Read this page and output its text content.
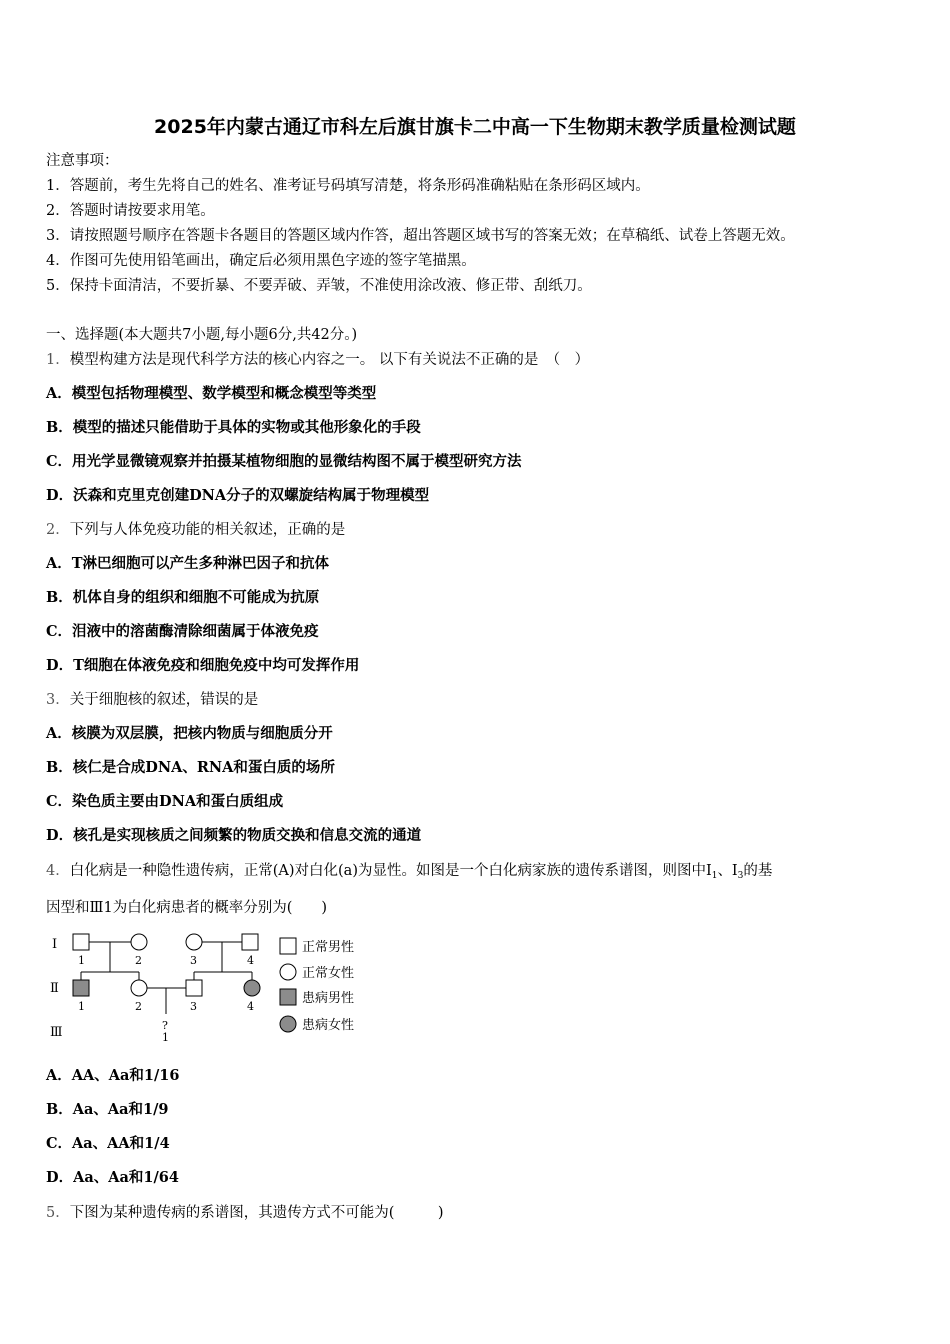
2025年内蒙古通辽市科左后旗甘旗卡二中高一下生物期末教学质量检测试题
注意事项：
1．答题前，考生先将自己的姓名、准考证号码填写清楚，将条形码准确粘贴在条形码区域内。
2．答题时请按要求用笔。
3．请按照题号顺序在答题卡各题目的答题区域内作答，超出答题区域书写的答案无效；在草稿纸、试卷上答题无效。
4．作图可先使用铅笔画出，确定后必须用黑色字迹的签字笔描黑。
5．保持卡面清洁，不要折暴、不要弄破、弄皱，不准使用涂改液、修正带、刮纸刀。
一、选择题(本大题共7小题,每小题6分,共42分。)
1．模型构建方法是现代科学方法的核心内容之一。 以下有关说法不正确的是　（　）
A．模型包括物理模型、数学模型和概念模型等类型
B．模型的描述只能借助于具体的实物或其他形象化的手段
C．用光学显微镜观察并拍摄某植物细胞的显微结构图不属于模型研究方法
D．沃森和克里克创建DNA分子的双螺旋结构属于物理模型
2．下列与人体免疫功能的相关叙述，正确的是
A．T淋巴细胞可以产生多种淋巴因子和抗体
B．机体自身的组织和细胞不可能成为抗原
C．泪液中的溶菌酶清除细菌属于体液免疫
D．T细胞在体液免疫和细胞免疫中均可发挥作用
3．关于细胞核的叙述，错误的是
A．核膜为双层膜，把核内物质与细胞质分开
B．核仁是合成DNA、RNA和蛋白质的场所
C．染色质主要由DNA和蛋白质组成
D．核孔是实现核质之间频繁的物质交换和信息交流的通道
4．白化病是一种隐性遗传病，正常(A)对白化(a)为显性。如图是一个白化病家族的遗传系谱图，则图中$Ⅰ_1$、$Ⅰ_3$的基
因型和Ⅲ1为白化病患者的概率分别为(　　)
Ⅰ
Ⅱ
Ⅲ
1	2	3	4
1	2	3	4
?
1
正常男性
正常女性
患病男性
患病女性
A．AA、Aa和1/16
B．Aa、Aa和1/9
C．Aa、AA和1/4
D．Aa、Aa和1/64
5．下图为某种遗传病的系谱图，其遗传方式不可能为(　　　)
